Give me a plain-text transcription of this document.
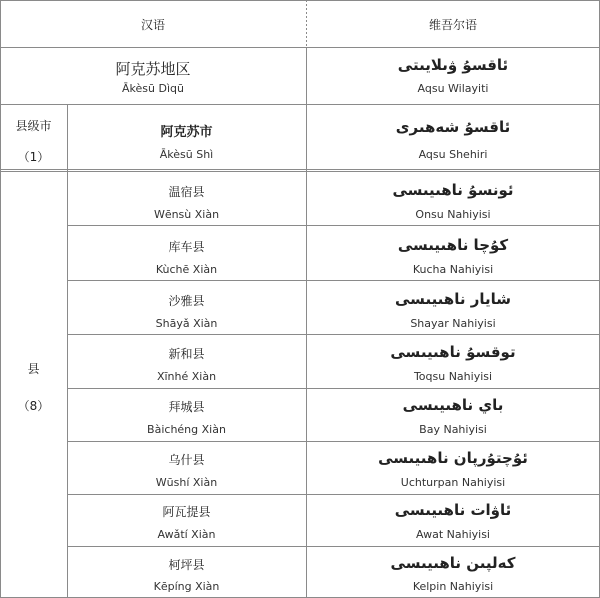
汉语	维吾尔语
阿克苏地区
Ākèsū Dìqū
ئاقسۇ ۋىلايىتى
Aqsu Wilayiti
县级市
（1）
阿克苏市
Ākèsū Shì
ئاقسۇ شەھىرى
Aqsu Shehiri
县
（8）
温宿县
Wēnsù Xiàn
ئونسۇ ناھىيىسى
Onsu Nahiyisi
库车县
Kùchē Xiàn
كۇچا ناھىيىسى
Kucha Nahiyisi
沙雅县
Shāyǎ Xiàn
شايار ناھىيىسى
Shayar Nahiyisi
新和县
Xīnhé Xiàn
توقسۇ ناھىيىسى
Toqsu Nahiyisi
拜城县
Bàichéng Xiàn
باي ناھىيىسى
Bay Nahiyisi
乌什县
Wūshí Xiàn
ئۇچتۇرپان ناھىيىسى
Uchturpan Nahiyisi
阿瓦提县
Awǎtí Xiàn
ئاۋات ناھىيىسى
Awat Nahiyisi
柯坪县
Kēpíng Xiàn
كەلپىن ناھىيىسى
Kelpin Nahiyisi
